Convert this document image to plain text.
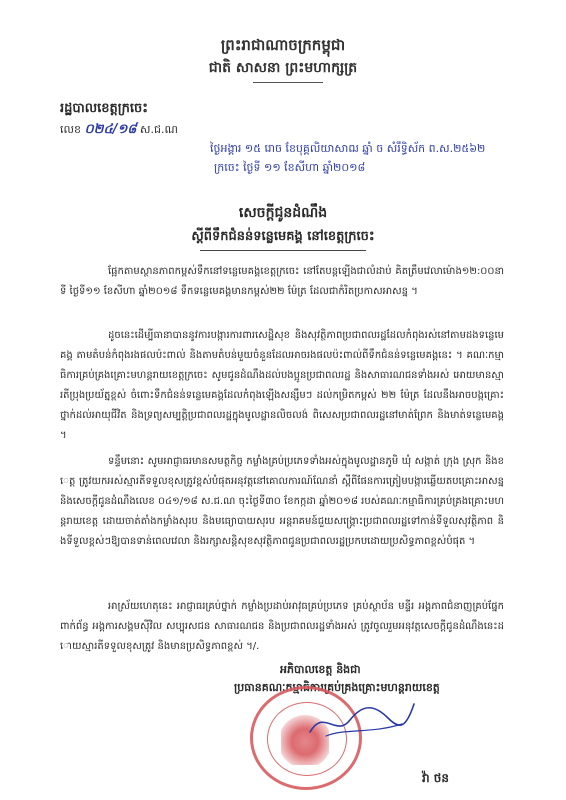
ព្រះរាជាណាចក្រកម្ពុជា
ជាតិ សាសនា ព្រះមហាក្សត្រ
រដ្ឋបាលខេត្តក្រចេះ
លេខ ០២៤/១៨ ស.ជ.ណ
ថ្ងៃអង្គារ ១៥ រោច ខែបុគ្គលិយាសាឍ ឆ្នាំ ច សំរឹទ្ធិស័ក ព.ស.២៥៦២
ក្រចេះ ថ្ងៃទី ១១ ខែសីហា ឆ្នាំ២០១៨
សេចក្តីជូនដំណឹង
ស្តីពីទឹកជំនន់ទន្លេមេគង្គ នៅខេត្តក្រចេះ
ផ្អែកតាមស្ថានភាពកម្ពស់ទឹកនៅទន្លេមេគង្គខេត្តក្រចេះ នៅតែបន្តឡើងជាលំដាប់ គិតត្រឹមវេលាម៉ោង១២:០០នាទី ថ្ងៃទី១១ ខែសីហា ឆ្នាំ២០១៨ ទឹកទន្លេមេគង្គមានកម្ពស់២២ ម៉ែត្រ ដែលជាកំរិតប្រកាសអាសន្ន ។
ដូចនេះដើម្បីធានាបាននូវការបង្ការការពារសេដ្ឋិសុខ និងសុវត្ថិភាពប្រជាពលរដ្ឋដែលកំពុងរស់នៅតាមដងទន្លេមេគង្គ តាមតំបន់កំពុងរងផលប៉ះពាល់ និងតាមតំបន់មួយចំនួនដែលអាចរងផលប៉ះពាល់ពីទឹកជំនន់ទន្លេមេគង្គនេះ ។ គណៈកម្មាធិការគ្រប់គ្រងគ្រោះមហន្តរាយខេត្តក្រចេះ សូមជូនដំណឹងដល់បងប្អូនប្រជាពលរដ្ឋ និងសាធារណជនទាំងអស់ អោយមានស្មារតីប្រុងប្រយ័ត្នខ្ពស់ ចំពោះទឹកជំនន់ទន្លេមេគង្គដែលកំពុងឡើងសន្សឹមៗ ដល់កម្រិតកម្ពស់ ២២ ម៉ែត្រ ដែលនឹងអាចបង្កគ្រោះថ្នាក់ដល់អាយុជីវិត និងទ្រព្យសម្បត្តិប្រជាពលរដ្ឋក្នុងមូលដ្ឋានលិចលង់ ពិសេសប្រជាពលរដ្ឋនៅមាត់ព្រែក និងមាត់ទន្លេមេគង្គ ។
ទន្ទឹមនោះ សូមអាជ្ញាធរមានសមត្ថកិច្ច កម្លាំងគ្រប់ប្រភេទទាំងអស់ក្នុងមូលដ្ឋានភូមិ ឃុំ សង្កាត់ ក្រុង ស្រុក និងខេត្ត ត្រូវយកអស់ស្មារតីទទួលខុសត្រូវខ្ពស់បំផុតអនុវត្តនៅគោលការណ៍ណែនាំ ស្តីពីផែនការត្រៀមបង្ការឆ្លើយតបគ្រោះអាសន្ន និងសេចក្តីជូនដំណឹងលេខ ០៤១/១៨ ស.ជ.ណ ចុះថ្ងៃទី៣០ ខែកក្កដា ឆ្នាំ២០១៨ របស់គណៈកម្មាធិការគ្រប់គ្រងគ្រោះមហន្តរាយខេត្ត ដោយចាត់តាំងកម្លាំងសុរប និងមធ្យោបាយសុរប អន្តរាគមន៍ជួយសង្គ្រោះប្រជាពលរដ្ឋទៅកាន់ទីទួលសុវត្ថិភាព និងទីទួលខ្ពស់ៗឱ្យបានទាន់ពេលវេលា និងរក្សាសន្តិសុខសុវត្ថិភាពជូនប្រជាពលរដ្ឋប្រកបដោយប្រសិទ្ធភាពខ្ពស់បំផុត ។
អាស្រ័យហេតុនេះ អាជ្ញាធរគ្រប់ថ្នាក់ កម្លាំងប្រដាប់អាវុធគ្រប់ប្រភេទ គ្រប់ស្ថាប័ន មន្ទីរ អង្គភាពជំនាញគ្រប់ផ្នែកពាក់ព័ន្ធ អង្គការសង្គមស៊ីវិល សប្បុរសជន សាធារណជន និងប្រជាពលរដ្ឋទាំងអស់ ត្រូវចូលរួមអនុវត្តសេចក្តីជូនដំណឹងនេះដោយស្មារតីទទួលខុសត្រូវ និងមានប្រសិទ្ធភាពខ្ពស់ ។/.
អភិបាលខេត្ត និងជា
ប្រធានគណៈកម្មាធិការគ្រប់គ្រងគ្រោះមហន្តរាយខេត្ត
វ៉ា ថន
